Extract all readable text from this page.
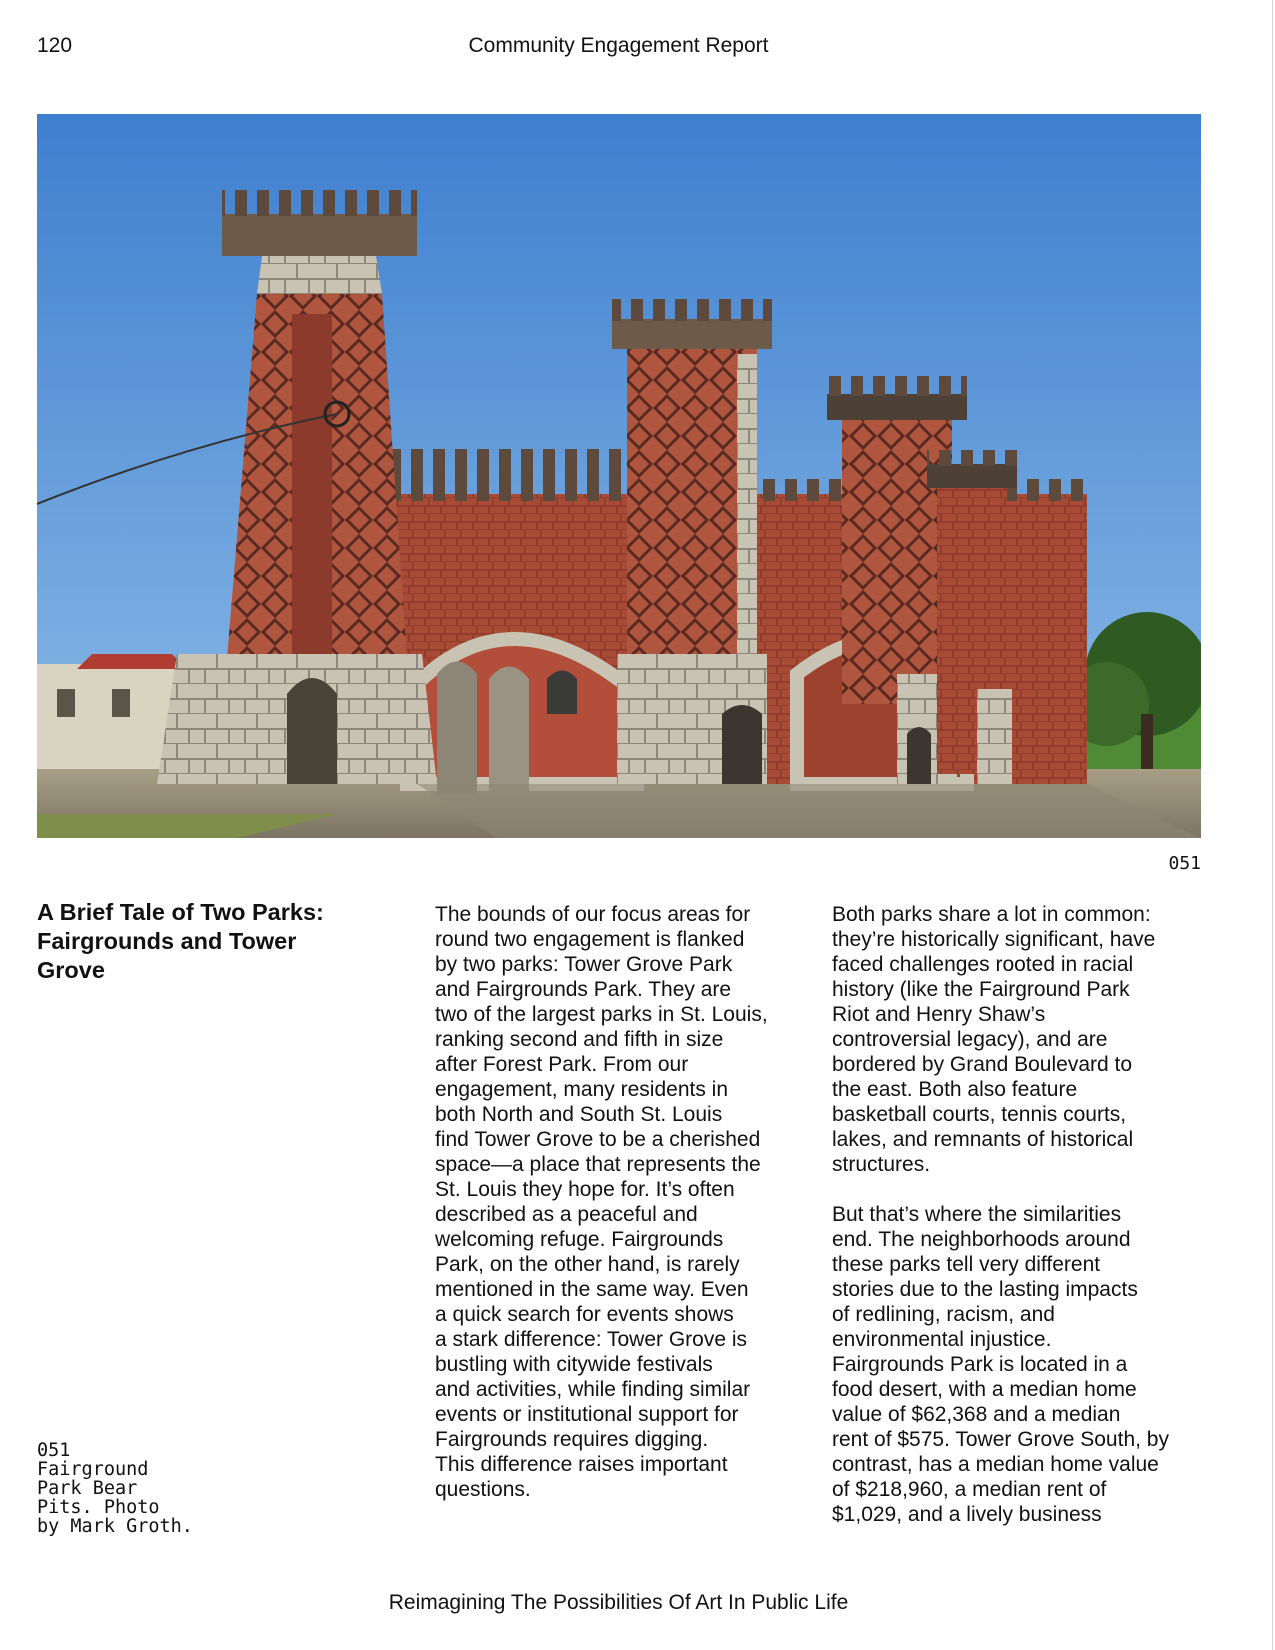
120	Community Engagement Report
051
A Brief Tale of Two Parks: Fairgrounds and Tower Grove
051
Fairground
Park Bear
Pits. Photo
by Mark Groth.
The bounds of our focus areas for
round two engagement is flanked
by two parks: Tower Grove Park
and Fairgrounds Park. They are
two of the largest parks in St. Louis,
ranking second and fifth in size
after Forest Park. From our
engagement, many residents in
both North and South St. Louis
find Tower Grove to be a cherished
space—a place that represents the
St. Louis they hope for. It’s often
described as a peaceful and
welcoming refuge. Fairgrounds
Park, on the other hand, is rarely
mentioned in the same way. Even
a quick search for events shows
a stark difference: Tower Grove is
bustling with citywide festivals
and activities, while finding similar
events or institutional support for
Fairgrounds requires digging.
This difference raises important
questions.
Both parks share a lot in common:
they’re historically significant, have
faced challenges rooted in racial
history (like the Fairground Park
Riot and Henry Shaw’s
controversial legacy), and are
bordered by Grand Boulevard to
the east. Both also feature
basketball courts, tennis courts,
lakes, and remnants of historical
structures.
But that’s where the similarities
end. The neighborhoods around
these parks tell very different
stories due to the lasting impacts
of redlining, racism, and
environmental injustice.
Fairgrounds Park is located in a
food desert, with a median home
value of $62,368 and a median
rent of $575. Tower Grove South, by
contrast, has a median home value
of $218,960, a median rent of
$1,029, and a lively business
Reimagining The Possibilities Of Art In Public Life
